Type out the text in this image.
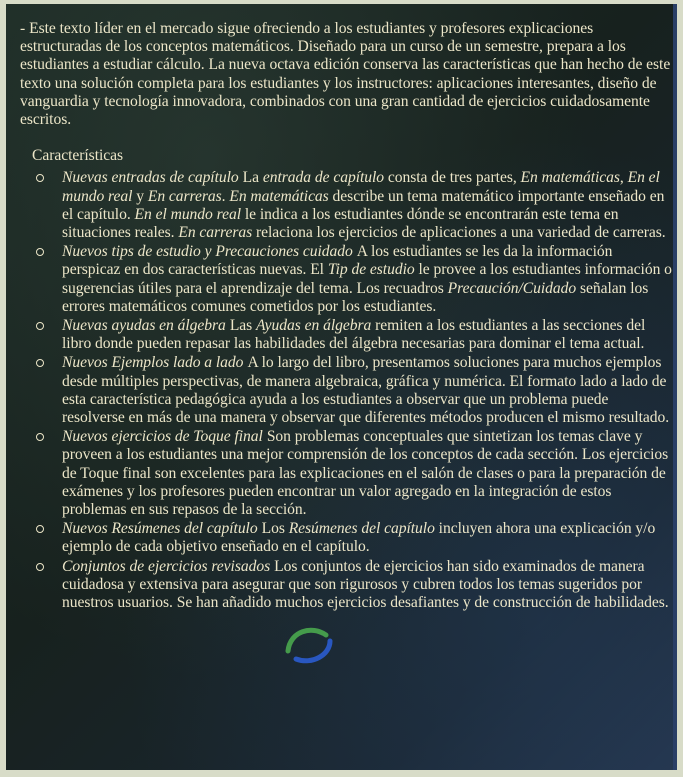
- Este texto líder en el mercado sigue ofreciendo a los estudiantes y profesores explicaciones estructuradas de los conceptos matemáticos. Diseñado para un curso de un semestre, prepara a los estudiantes a estudiar cálculo. La nueva octava edición conserva las características que han hecho de este texto una solución completa para los estudiantes y los instructores: aplicaciones interesantes, diseño de vanguardia y tecnología innovadora, combinados con una gran cantidad de ejercicios cuidadosamente escritos.

Características
Nuevas entradas de capítulo La entrada de capítulo consta de tres partes, En matemáticas, En el mundo real y En carreras. En matemáticas describe un tema matemático importante enseñado en el capítulo. En el mundo real le indica a los estudiantes dónde se encontrarán este tema en situaciones reales. En carreras relaciona los ejercicios de aplicaciones a una variedad de carreras.
Nuevos tips de estudio y Precauciones cuidado A los estudiantes se les da la información perspicaz en dos características nuevas. El Tip de estudio le provee a los estudiantes información o sugerencias útiles para el aprendizaje del tema. Los recuadros Precaución/Cuidado señalan los errores matemáticos comunes cometidos por los estudiantes.
Nuevas ayudas en álgebra Las Ayudas en álgebra remiten a los estudiantes a las secciones del libro donde pueden repasar las habilidades del álgebra necesarias para dominar el tema actual.
Nuevos Ejemplos lado a lado A lo largo del libro, presentamos soluciones para muchos ejemplos desde múltiples perspectivas, de manera algebraica, gráfica y numérica. El formato lado a lado de esta característica pedagógica ayuda a los estudiantes a observar que un problema puede resolverse en más de una manera y observar que diferentes métodos producen el mismo resultado.
Nuevos ejercicios de Toque final Son problemas conceptuales que sintetizan los temas clave y proveen a los estudiantes una mejor comprensión de los conceptos de cada sección. Los ejercicios de Toque final son excelentes para las explicaciones en el salón de clases o para la preparación de exámenes y los profesores pueden encontrar un valor agregado en la integración de estos problemas en sus repasos de la sección.
Nuevos Resúmenes del capítulo Los Resúmenes del capítulo incluyen ahora una explicación y/o ejemplo de cada objetivo enseñado en el capítulo.
Conjuntos de ejercicios revisados Los conjuntos de ejercicios han sido examinados de manera cuidadosa y extensiva para asegurar que son rigurosos y cubren todos los temas sugeridos por nuestros usuarios. Se han añadido muchos ejercicios desafiantes y de construcción de habilidades.
